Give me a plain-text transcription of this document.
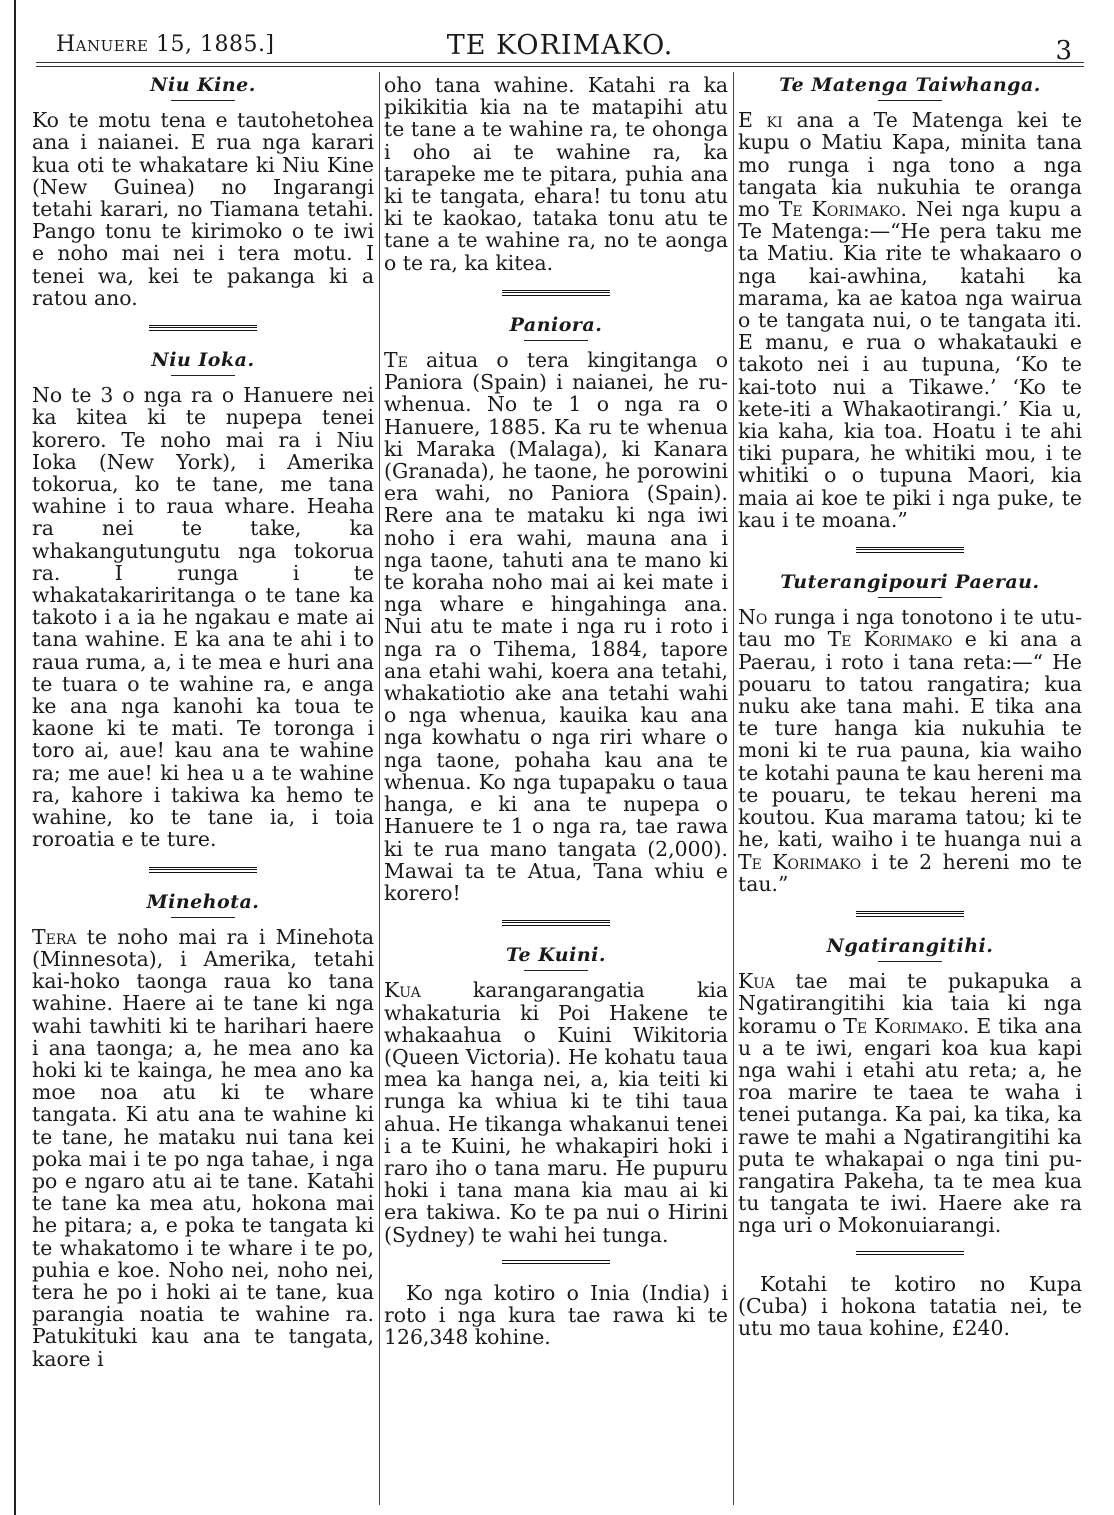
Hanuere 15, 1885.]	TE KORIMAKO.	3
Niu Kine.

Ko te motu tena e tautohetohea ana i naianei. E rua nga karari kua oti te whakatare ki Niu Kine (New Guinea) no Ingarangi tetahi karari, no Tiamana tetahi. Pango tonu te kirimoko o te iwi e noho mai nei i tera motu. I tenei wa, kei te pakanga ki a ratou ano.

Niu Ioka.

No te 3 o nga ra o Hanuere nei ka kitea ki te nupepa tenei korero. Te noho mai ra i Niu Ioka (New York), i Amerika tokorua, ko te tane, me tana wahine i to raua whare. Heaha ra nei te take, ka whakangutungutu nga tokorua ra. I runga i te whakatakariritanga o te tane ka takoto i a ia he ngakau e mate ai tana wahine. E ka ana te ahi i to raua ruma, a, i te mea e huri ana te tuara o te wahine ra, e anga ke ana nga kanohi ka toua te kaone ki te mati. Te toronga i toro ai, aue! kau ana te wahine ra; me aue! ki hea u a te wahine ra, kahore i takiwa ka hemo te wahine, ko te tane ia, i toia roroatia e te ture.

Minehota.

Tera te noho mai ra i Minehota (Minnesota), i Amerika, tetahi kai-hoko taonga raua ko tana wahine. Haere ai te tane ki nga wahi tawhiti ki te harihari haere i ana taonga; a, he mea ano ka hoki ki te kainga, he mea ano ka moe noa atu ki te whare tangata. Ki atu ana te wahine ki te tane, he mataku nui tana kei poka mai i te po nga tahae, i nga po e ngaro atu ai te tane. Katahi te tane ka mea atu, hokona mai he pitara; a, e poka te tangata ki te whakatomo i te whare i te po, puhia e koe. Noho nei, noho nei, tera he po i hoki ai te tane, kua parangia noatia te wahine ra. Patukituki kau ana te tangata, kaore i

oho tana wahine. Katahi ra ka pikikitia kia na te matapihi atu te tane a te wahine ra, te ohonga i oho ai te wahine ra, ka tarapeke me te pitara, puhia ana ki te tangata, ehara! tu tonu atu ki te kaokao, tataka tonu atu te tane a te wahine ra, no te aonga o te ra, ka kitea.

Paniora.

Te aitua o tera kingitanga o Paniora (Spain) i naianei, he ru-whenua. No te 1 o nga ra o Hanuere, 1885. Ka ru te whenua ki Maraka (Malaga), ki Kanara (Granada), he taone, he porowini era wahi, no Paniora (Spain). Rere ana te mataku ki nga iwi noho i era wahi, mauna ana i nga taone, tahuti ana te mano ki te koraha noho mai ai kei mate i nga whare e hingahinga ana. Nui atu te mate i nga ru i roto i nga ra o Tihema, 1884, tapore ana etahi wahi, koera ana tetahi, whakatiotio ake ana tetahi wahi o nga whenua, kauika kau ana nga kowhatu o nga riri whare o nga taone, pohaha kau ana te whenua. Ko nga tupapaku o taua hanga, e ki ana te nupepa o Hanuere te 1 o nga ra, tae rawa ki te rua mano tangata (2,000). Mawai ta te Atua, Tana whiu e korero!

Te Kuini.

Kua karangarangatia kia whakaturia ki Poi Hakene te whakaahua o Kuini Wikitoria (Queen Victoria). He kohatu taua mea ka hanga nei, a, kia teiti ki runga ka whiua ki te tihi taua ahua. He tikanga whakanui tenei i a te Kuini, he whakapiri hoki i raro iho o tana maru. He pupuru hoki i tana mana kia mau ai ki era takiwa. Ko te pa nui o Hirini (Sydney) te wahi hei tunga.

Ko nga kotiro o Inia (India) i roto i nga kura tae rawa ki te 126,348 kohine.

Te Matenga Taiwhanga.

E ki ana a Te Matenga kei te kupu o Matiu Kapa, minita tana mo runga i nga tono a nga tangata kia nukuhia te oranga mo Te Korimako. Nei nga kupu a Te Matenga:—“He pera taku me ta Matiu. Kia rite te whakaaro o nga kai-awhina, katahi ka marama, ka ae katoa nga wairua o te tangata nui, o te tangata iti. E manu, e rua o whakatauki e takoto nei i au tupuna, ‘Ko te kai-toto nui a Tikawe.’ ‘Ko te kete-iti a Whakaotirangi.’ Kia u, kia kaha, kia toa. Hoatu i te ahi tiki pupara, he whitiki mou, i te whitiki o o tupuna Maori, kia maia ai koe te piki i nga puke, te kau i te moana.”

Tuterangipouri Paerau.

No runga i nga tonotono i te utu-tau mo Te Korimako e ki ana a Paerau, i roto i tana reta:—“ He pouaru to tatou rangatira; kua nuku ake tana mahi. E tika ana te ture hanga kia nukuhia te moni ki te rua pauna, kia waiho te kotahi pauna te kau hereni ma te pouaru, te tekau hereni ma koutou. Kua marama tatou; ki te he, kati, waiho i te huanga nui a Te Korimako i te 2 hereni mo te tau.”

Ngatirangitihi.

Kua tae mai te pukapuka a Ngatirangitihi kia taia ki nga koramu o Te Korimako. E tika ana u a te iwi, engari koa kua kapi nga wahi i etahi atu reta; a, he roa marire te taea te waha i tenei putanga. Ka pai, ka tika, ka rawe te mahi a Ngatirangitihi ka puta te whakapai o nga tini pu-rangatira Pakeha, ta te mea kua tu tangata te iwi. Haere ake ra nga uri o Mokonuiarangi.

Kotahi te kotiro no Kupa (Cuba) i hokona tatatia nei, te utu mo taua kohine, £240.
